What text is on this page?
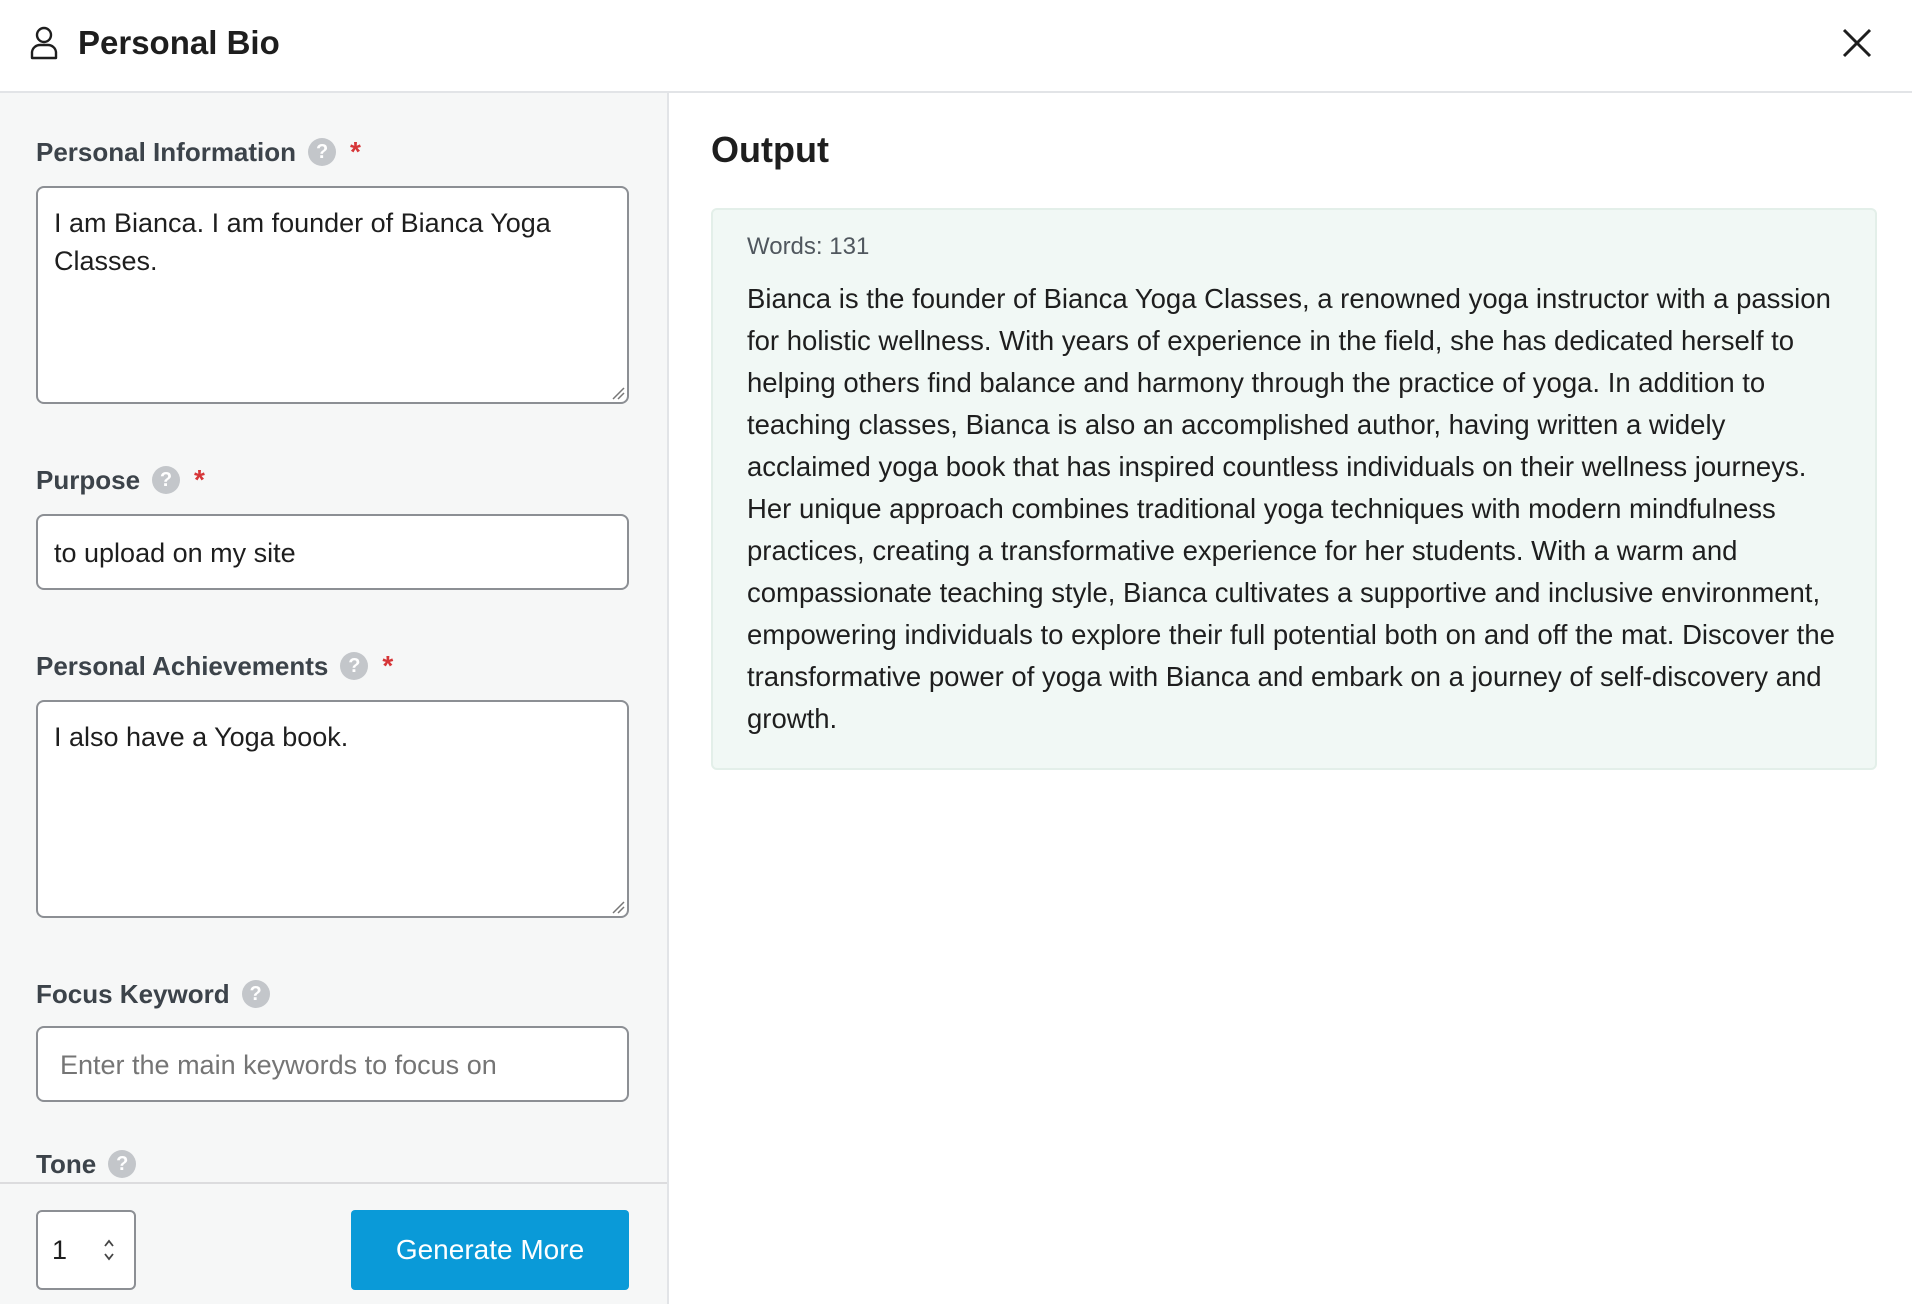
Personal Bio
Personal Information ? *
I am Bianca. I am founder of Bianca Yoga Classes.
Purpose ? *
to upload on my site
Personal Achievements ? *
I also have a Yoga book.
Focus Keyword ?
Enter the main keywords to focus on
Tone ?
1	Generate More
Output
Words: 131
Bianca is the founder of Bianca Yoga Classes, a renowned yoga instructor with a passion for holistic wellness. With years of experience in the field, she has dedicated herself to helping others find balance and harmony through the practice of yoga. In addition to teaching classes, Bianca is also an accomplished author, having written a widely acclaimed yoga book that has inspired countless individuals on their wellness journeys. Her unique approach combines traditional yoga techniques with modern mindfulness practices, creating a transformative experience for her students. With a warm and compassionate teaching style, Bianca cultivates a supportive and inclusive environment, empowering individuals to explore their full potential both on and off the mat. Discover the transformative power of yoga with Bianca and embark on a journey of self-discovery and growth.
